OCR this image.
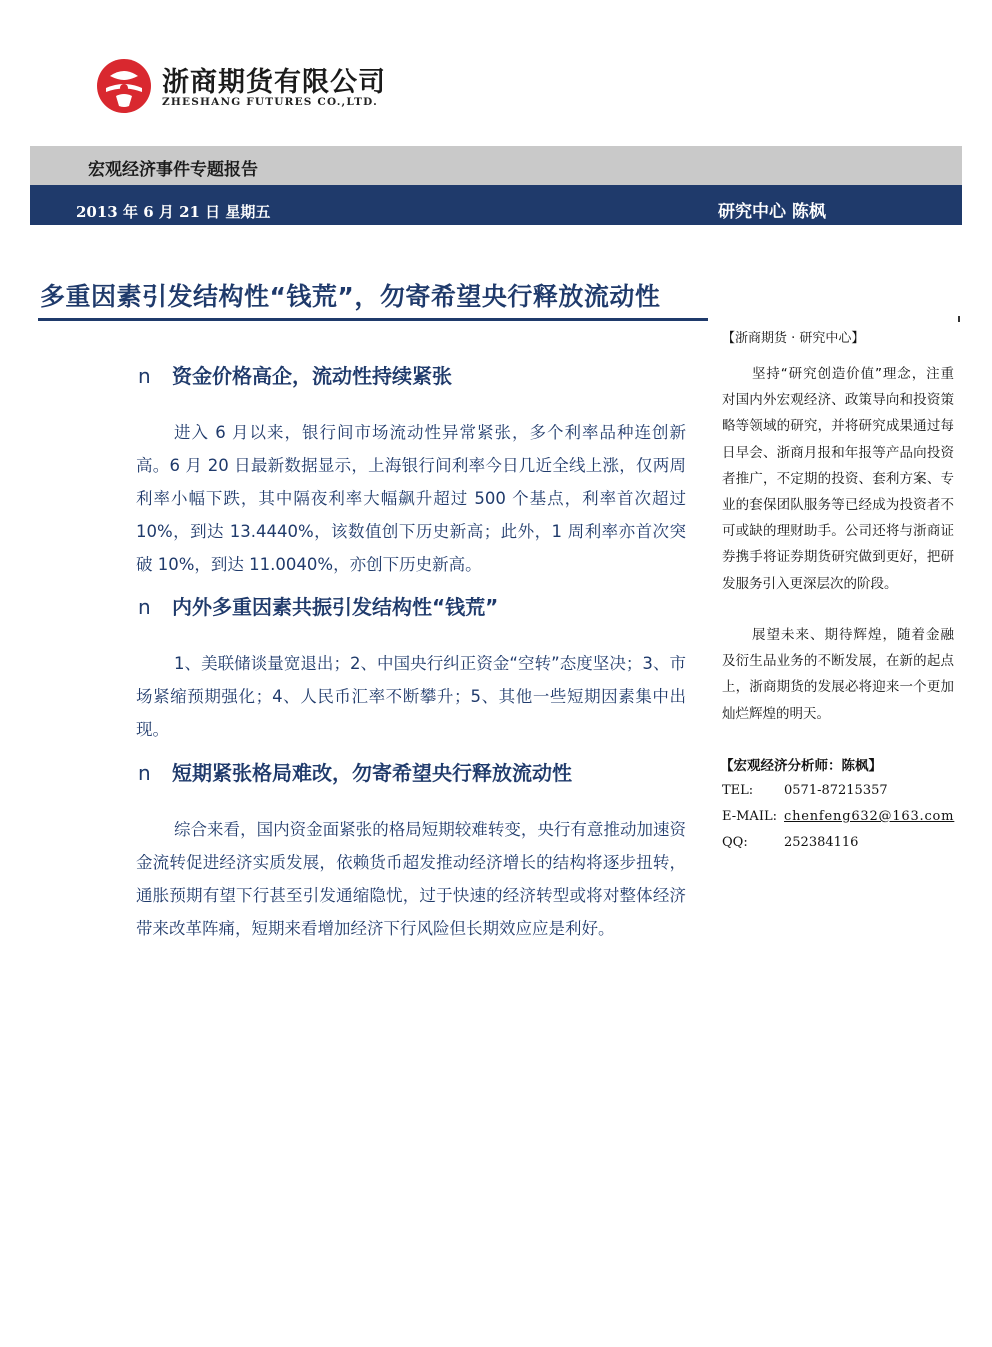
浙商期货有限公司
ZHESHANG FUTURES CO.,LTD.
宏观经济事件专题报告
2013 年 6 月 21 日 星期五	研究中心 陈枫
多重因素引发结构性“钱荒”，勿寄希望央行释放流动性
n 资金价格高企，流动性持续紧张
进入 6 月以来，银行间市场流动性异常紧张，多个利率品种连创新高。6 月 20 日最新数据显示，上海银行间利率今日几近全线上涨，仅两周利率小幅下跌，其中隔夜利率大幅飙升超过 500 个基点，利率首次超过 10%，到达 13.4440%，该数值创下历史新高；此外，1 周利率亦首次突破 10%，到达 11.0040%，亦创下历史新高。
n 内外多重因素共振引发结构性“钱荒”
1、美联储谈量宽退出；2、中国央行纠正资金“空转”态度坚决；3、市场紧缩预期强化；4、人民币汇率不断攀升；5、其他一些短期因素集中出现。
n 短期紧张格局难改，勿寄希望央行释放流动性
综合来看，国内资金面紧张的格局短期较难转变，央行有意推动加速资金流转促进经济实质发展，依赖货币超发推动经济增长的结构将逐步扭转，通胀预期有望下行甚至引发通缩隐忧，过于快速的经济转型或将对整体经济带来改革阵痛，短期来看增加经济下行风险但长期效应应是利好。
【浙商期货 · 研究中心】
坚持“研究创造价值”理念，注重对国内外宏观经济、政策导向和投资策略等领域的研究，并将研究成果通过每日早会、浙商月报和年报等产品向投资者推广，不定期的投资、套利方案、专业的套保团队服务等已经成为投资者不可或缺的理财助手。公司还将与浙商证券携手将证券期货研究做到更好，把研发服务引入更深层次的阶段。
展望未来、期待辉煌，随着金融及衍生品业务的不断发展，在新的起点上，浙商期货的发展必将迎来一个更加灿烂辉煌的明天。
【宏观经济分析师：陈枫】
TEL: 0571-87215357
E-MAIL: chenfeng632@163.com
QQ:	252384116
